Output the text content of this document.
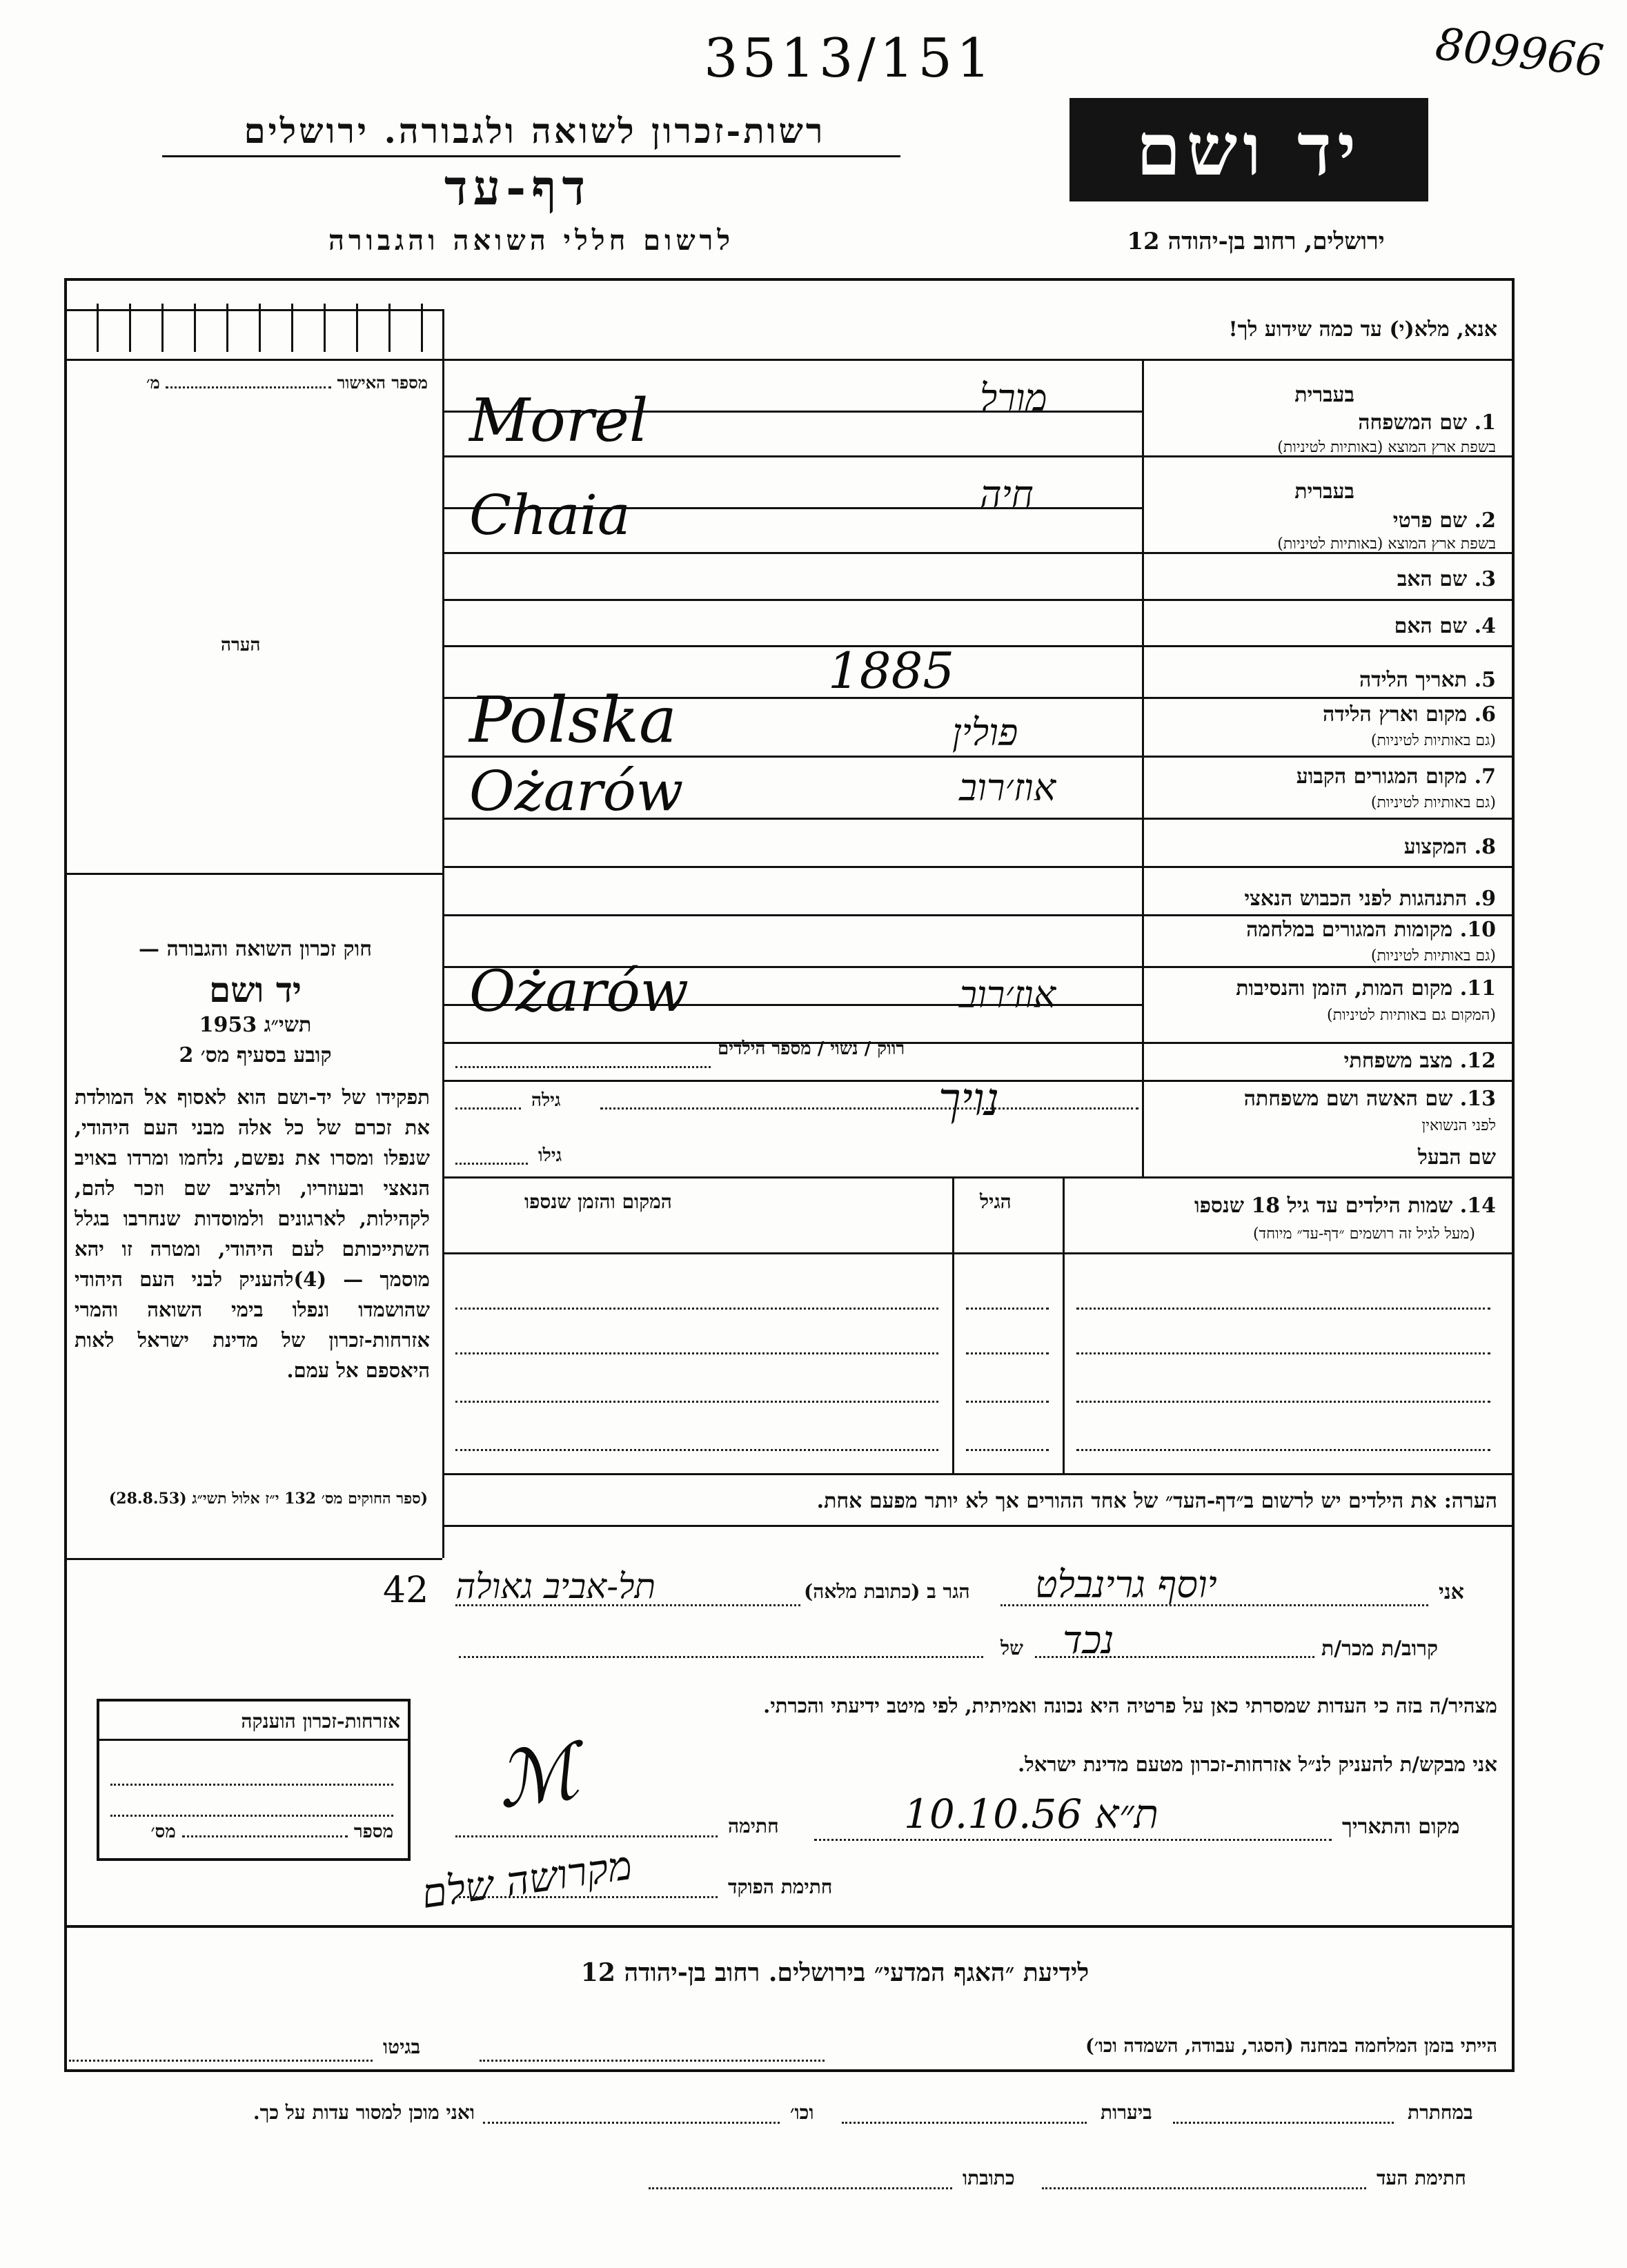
3513/151	809966
רשות-זכרון לשואה ולגבורה. ירושלים
דף-עד
לרשום חללי השואה והגבורה
יד ושם
ירושלים, רחוב בן-יהודה 12
מספר האישור  מ׳
הערה
חוק זכרון השואה והגבורה —
יד ושם
תשי״ג 1953
קובע בסעיף מס׳ 2
תפקידו של יד-ושם הוא לאסוף אל המולדת את זכרם של כל אלה מבני העם היהודי, שנפלו ומסרו את נפשם, נלחמו ומרדו באויב הנאצי ובעוזריו, ולהציב שם וזכר להם, לקהילות, לארגונים ולמוסדות שנחרבו בגלל השתייכותם לעם היהודי, ומטרה זו יהא מוסמך — (4)להעניק לבני העם היהודי שהושמדו ונפלו בימי השואה והמרי אזרחות-זכרון של מדינת ישראל לאות היאספם אל עמם.
(ספר החוקים מס׳ 132 י״ז אלול תשי״ג (28.8.53)
אנא, מלא(י) עד כמה שידוע לך!
בעברית
1. שם המשפחה
בשפת ארץ המוצא (באותיות לטיניות)
מורל
Morel
בעברית
2. שם פרטי
בשפת ארץ המוצא (באותיות לטיניות)
חיה
Chaia
3. שם האב
4. שם האם
5. תאריך הלידה
1885
6. מקום וארץ הלידה
(גם באותיות לטיניות)
פולין
Polska
7. מקום המגורים הקבוע
(גם באותיות לטיניות)
אוז׳רוב
Ożarów
8. המקצוע
9. התנהגות לפני הכבוש הנאצי
10. מקומות המגורים במלחמה
(גם באותיות לטיניות)
11. מקום המות, הזמן והנסיבות
(המקום גם באותיות לטיניות)
אוז׳רוב
Ożarów
12. מצב משפחתי
רווק / נשוי / מספר הילדים
13. שם האשה ושם משפחתה
לפני הנשואין
נויך
גילה
שם הבעל
גילו
14. שמות הילדים עד גיל 18 שנספו
(מעל לגיל זה רושמים ״דף-עד״ מיוחד)
הגיל
המקום והזמן שנספו
הערה: את הילדים יש לרשום ב״דף-העד״ של אחד ההורים אך לא יותר מפעם אחת.
42	אני
יוסף גרינבלט
הגר ב (כתובת מלאה)
תל-אביב גאולה
קרוב/ת מכר/ת
נכד
של
מצהיר/ה בזה כי העדות שמסרתי כאן על פרטיה היא נכונה ואמיתית, לפי מיטב ידיעתי והכרתי.
אני מבקש/ת להעניק לנ״ל אזרחות-זכרון מטעם מדינת ישראל.
ℳ
חתימה	מקום והתאריך
ת״א 10.10.56
מקרושה שלם	חתימת הפוקד
אזרחות-זכרון הוענקה
מספר  מס׳
לידיעת ״האגף המדעי״ בירושלים. רחוב בן-יהודה 12
הייתי בזמן המלחמה במחנה (הסגר, עבודה, השמדה וכו׳)
בגיטו
במחתרת
ביערות
וכו׳
ואני מוכן למסור עדות על כך.
חתימת העד
כתובתו
